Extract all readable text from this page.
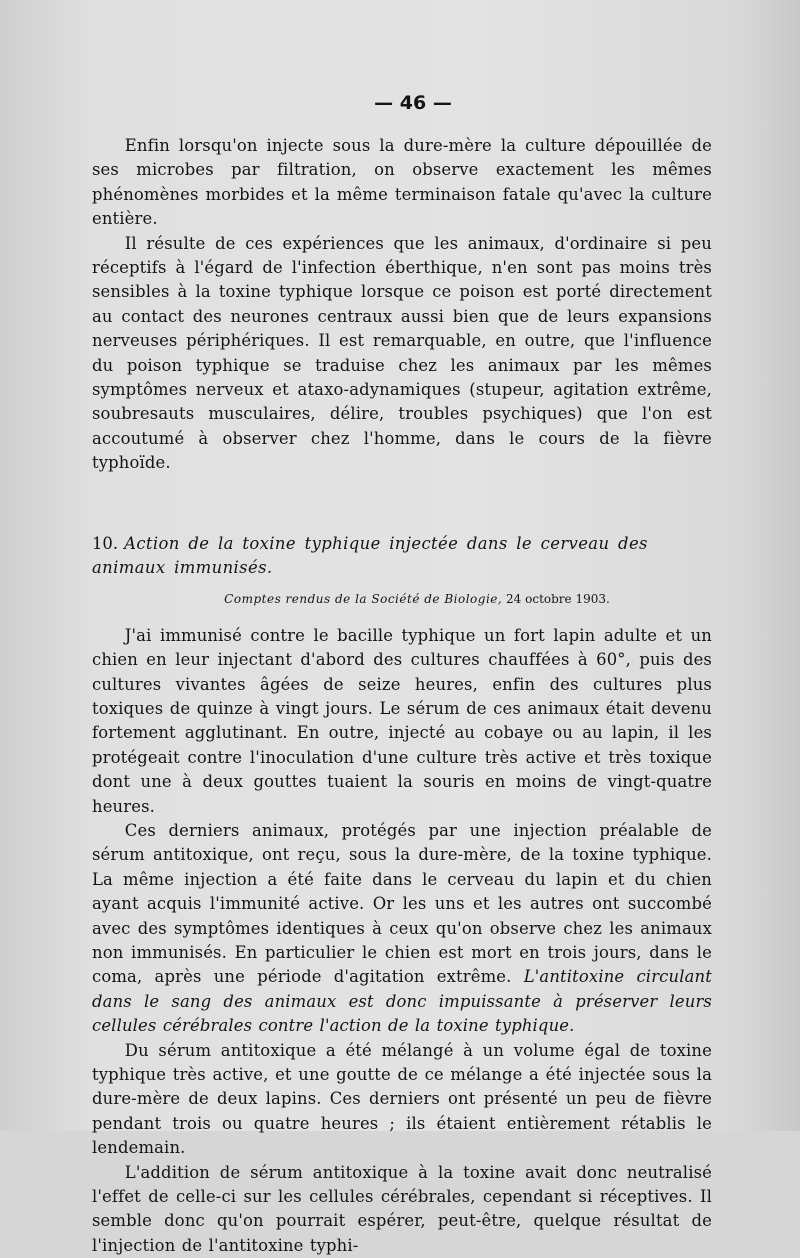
— 46 —

Enfin lorsqu'on injecte sous la dure-mère la culture dépouillée de ses microbes par filtration, on observe exactement les mêmes phénomènes morbides et la même terminaison fatale qu'avec la culture entière.

Il résulte de ces expériences que les animaux, d'ordinaire si peu réceptifs à l'égard de l'infection éberthique, n'en sont pas moins très sensibles à la toxine typhique lorsque ce poison est porté directement au contact des neurones centraux aussi bien que de leurs expansions nerveuses périphériques. Il est remarquable, en outre, que l'influence du poison typhique se traduise chez les animaux par les mêmes symptômes nerveux et ataxo-adynamiques (stupeur, agitation extrême, soubresauts musculaires, délire, troubles psychiques) que l'on est accoutumé à observer chez l'homme, dans le cours de la fièvre typhoïde.

10. Action de la toxine typhique injectée dans le cerveau des animaux immunisés.
Comptes rendus de la Société de Biologie, 24 octobre 1903.

J'ai immunisé contre le bacille typhique un fort lapin adulte et un chien en leur injectant d'abord des cultures chauffées à 60°, puis des cultures vivantes âgées de seize heures, enfin des cultures plus toxiques de quinze à vingt jours. Le sérum de ces animaux était devenu fortement agglutinant. En outre, injecté au cobaye ou au lapin, il les protégeait contre l'inoculation d'une culture très active et très toxique dont une à deux gouttes tuaient la souris en moins de vingt-quatre heures.

Ces derniers animaux, protégés par une injection préalable de sérum antitoxique, ont reçu, sous la dure-mère, de la toxine typhique. La même injection a été faite dans le cerveau du lapin et du chien ayant acquis l'immunité active. Or les uns et les autres ont succombé avec des symptômes identiques à ceux qu'on observe chez les animaux non immunisés. En particulier le chien est mort en trois jours, dans le coma, après une période d'agitation extrême. L'antitoxine circulant dans le sang des animaux est donc impuissante à préserver leurs cellules cérébrales contre l'action de la toxine typhique.

Du sérum antitoxique a été mélangé à un volume égal de toxine typhique très active, et une goutte de ce mélange a été injectée sous la dure-mère de deux lapins. Ces derniers ont présenté un peu de fièvre pendant trois ou quatre heures ; ils étaient entièrement rétablis le lendemain.

L'addition de sérum antitoxique à la toxine avait donc neutralisé l'effet de celle-ci sur les cellules cérébrales, cependant si réceptives. Il semble donc qu'on pourrait espérer, peut-être, quelque résultat de l'injection de l'antitoxine typhi-
